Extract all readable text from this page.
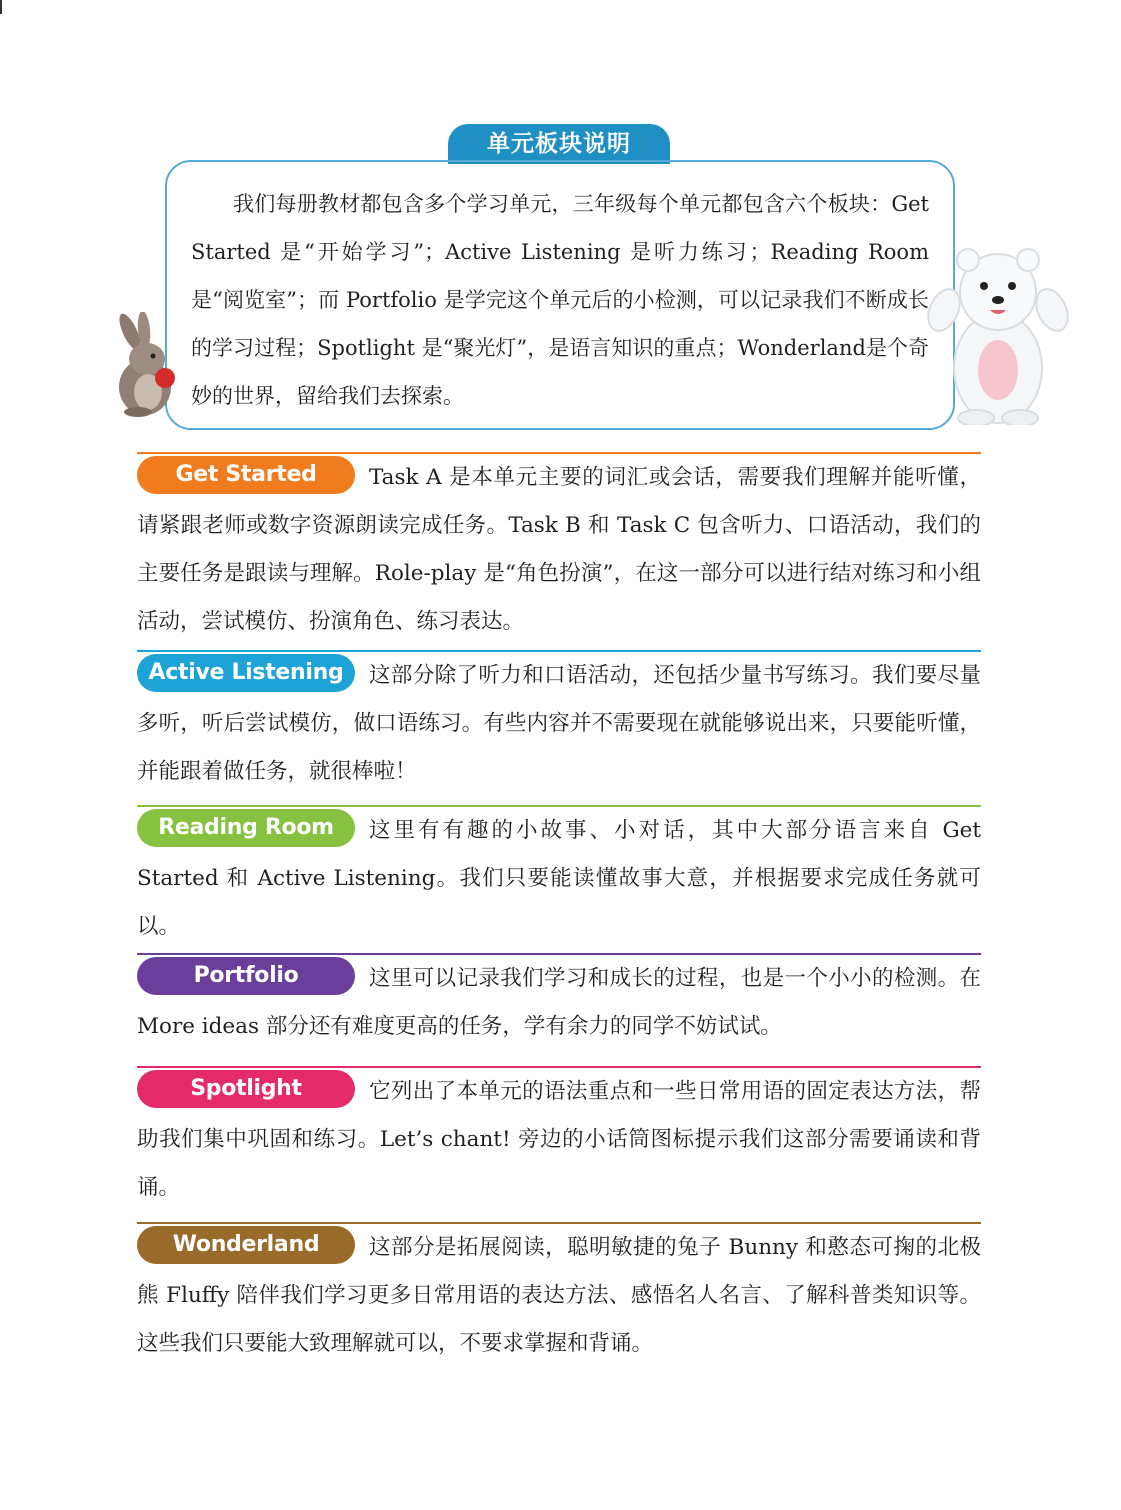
单元板块说明

我们每册教材都包含多个学习单元，三年级每个单元都包含六个板块：Get Started 是“开始学习”；Active Listening 是听力练习；Reading Room 是“阅览室”；而 Portfolio 是学完这个单元后的小检测，可以记录我们不断成长的学习过程；Spotlight 是“聚光灯”，是语言知识的重点；Wonderland是个奇妙的世界，留给我们去探索。

Get Started	Task A 是本单元主要的词汇或会话，需要我们理解并能听懂，请紧跟老师或数字资源朗读完成任务。Task B 和 Task C 包含听力、口语活动，我们的主要任务是跟读与理解。Role-play 是“角色扮演”，在这一部分可以进行结对练习和小组活动，尝试模仿、扮演角色、练习表达。

Active Listening	这部分除了听力和口语活动，还包括少量书写练习。我们要尽量多听，听后尝试模仿，做口语练习。有些内容并不需要现在就能够说出来，只要能听懂，并能跟着做任务，就很棒啦！

Reading Room	这里有有趣的小故事、小对话，其中大部分语言来自 Get Started 和 Active Listening。我们只要能读懂故事大意，并根据要求完成任务就可以。

Portfolio	这里可以记录我们学习和成长的过程，也是一个小小的检测。在 More ideas 部分还有难度更高的任务，学有余力的同学不妨试试。

Spotlight	它列出了本单元的语法重点和一些日常用语的固定表达方法，帮助我们集中巩固和练习。Let’s chant! 旁边的小话筒图标提示我们这部分需要诵读和背诵。

Wonderland	这部分是拓展阅读，聪明敏捷的兔子 Bunny 和憨态可掬的北极熊 Fluffy 陪伴我们学习更多日常用语的表达方法、感悟名人名言、了解科普类知识等。这些我们只要能大致理解就可以，不要求掌握和背诵。
